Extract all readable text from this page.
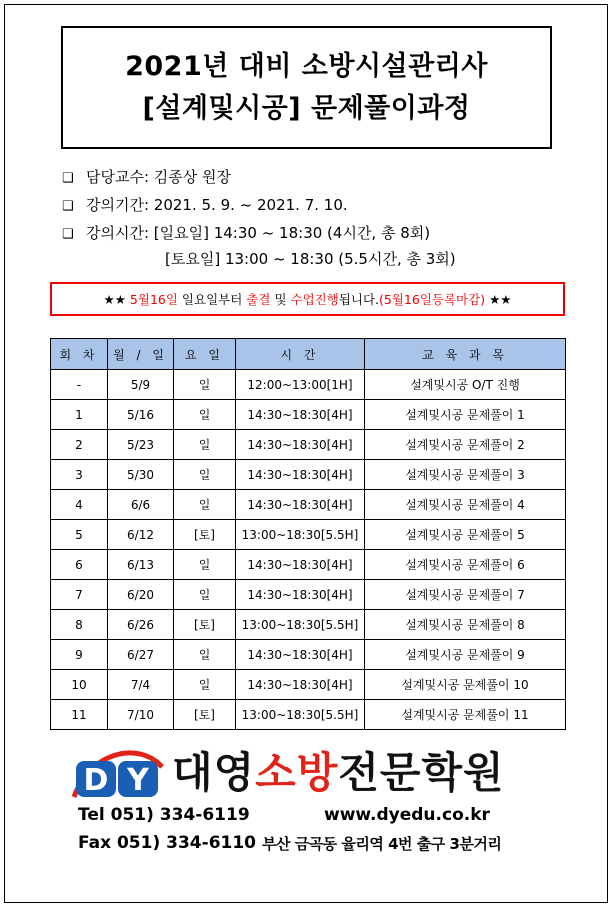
2021년 대비 소방시설관리사
[설계및시공] 문제풀이과정
❑ 담당교수: 김종상 원장
❑ 강의기간: 2021. 5. 9. ~ 2021. 7. 10.
❑ 강의시간: [일요일] 14:30 ~ 18:30 (4시간, 총 8회)
[토요일] 13:00 ~ 18:30 (5.5시간, 총 3회)
★★
5월16일
일요일부터
출결
및
수업진행 됩니다. (5월16일등록마감)
★★
회 차	월 / 일	요 일	시 간	교 육 과 목
-	5/9	일	12:00~13:00[1H]	설계및시공 O/T 진행
1	5/16	일	14:30~18:30[4H]	설계및시공 문제풀이 1
2	5/23	일	14:30~18:30[4H]	설계및시공 문제풀이 2
3	5/30	일	14:30~18:30[4H]	설계및시공 문제풀이 3
4	6/6	일	14:30~18:30[4H]	설계및시공 문제풀이 4
5	6/12	[토]	13:00~18:30[5.5H]	설계및시공 문제풀이 5
6	6/13	일	14:30~18:30[4H]	설계및시공 문제풀이 6
7	6/20	일	14:30~18:30[4H]	설계및시공 문제풀이 7
8	6/26	[토]	13:00~18:30[5.5H]	설계및시공 문제풀이 8
9	6/27	일	14:30~18:30[4H]	설계및시공 문제풀이 9
10	7/4	일	14:30~18:30[4H]	설계및시공 문제풀이 10
11	7/10	[토]	13:00~18:30[5.5H]	설계및시공 문제풀이 11
D Y 대영소방전문학원
Tel 051) 334-6119	www.dyedu.co.kr
Fax 051) 334-6110 부산 금곡동 율리역 4번 출구 3분거리
